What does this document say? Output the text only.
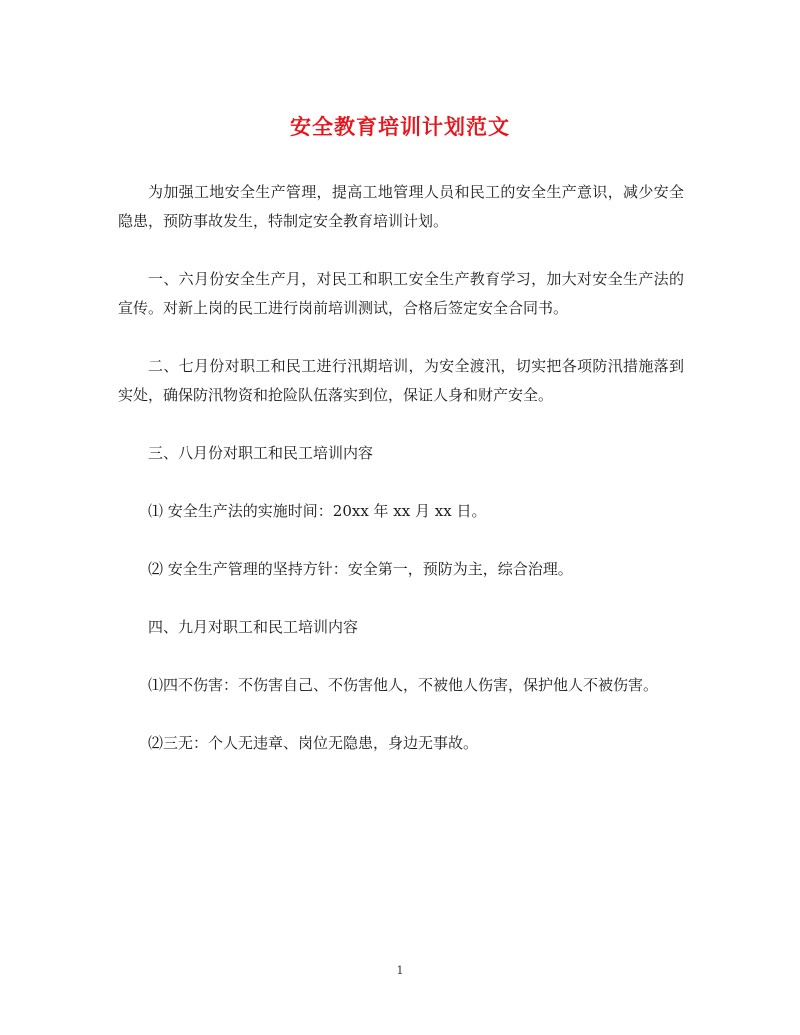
安全教育培训计划范文

为加强工地安全生产管理，提高工地管理人员和民工的安全生产意识，减少安全隐患，预防事故发生，特制定安全教育培训计划。

一、六月份安全生产月，对民工和职工安全生产教育学习，加大对安全生产法的宣传。对新上岗的民工进行岗前培训测试，合格后签定安全合同书。

二、七月份对职工和民工进行汛期培训，为安全渡汛，切实把各项防汛措施落到实处，确保防汛物资和抢险队伍落实到位，保证人身和财产安全。

三、八月份对职工和民工培训内容

⑴ 安全生产法的实施时间：20xx 年 xx 月 xx 日。

⑵ 安全生产管理的坚持方针：安全第一，预防为主，综合治理。

四、九月对职工和民工培训内容

⑴四不伤害：不伤害自己、不伤害他人，不被他人伤害，保护他人不被伤害。

⑵三无：个人无违章、岗位无隐患，身边无事故。

1
